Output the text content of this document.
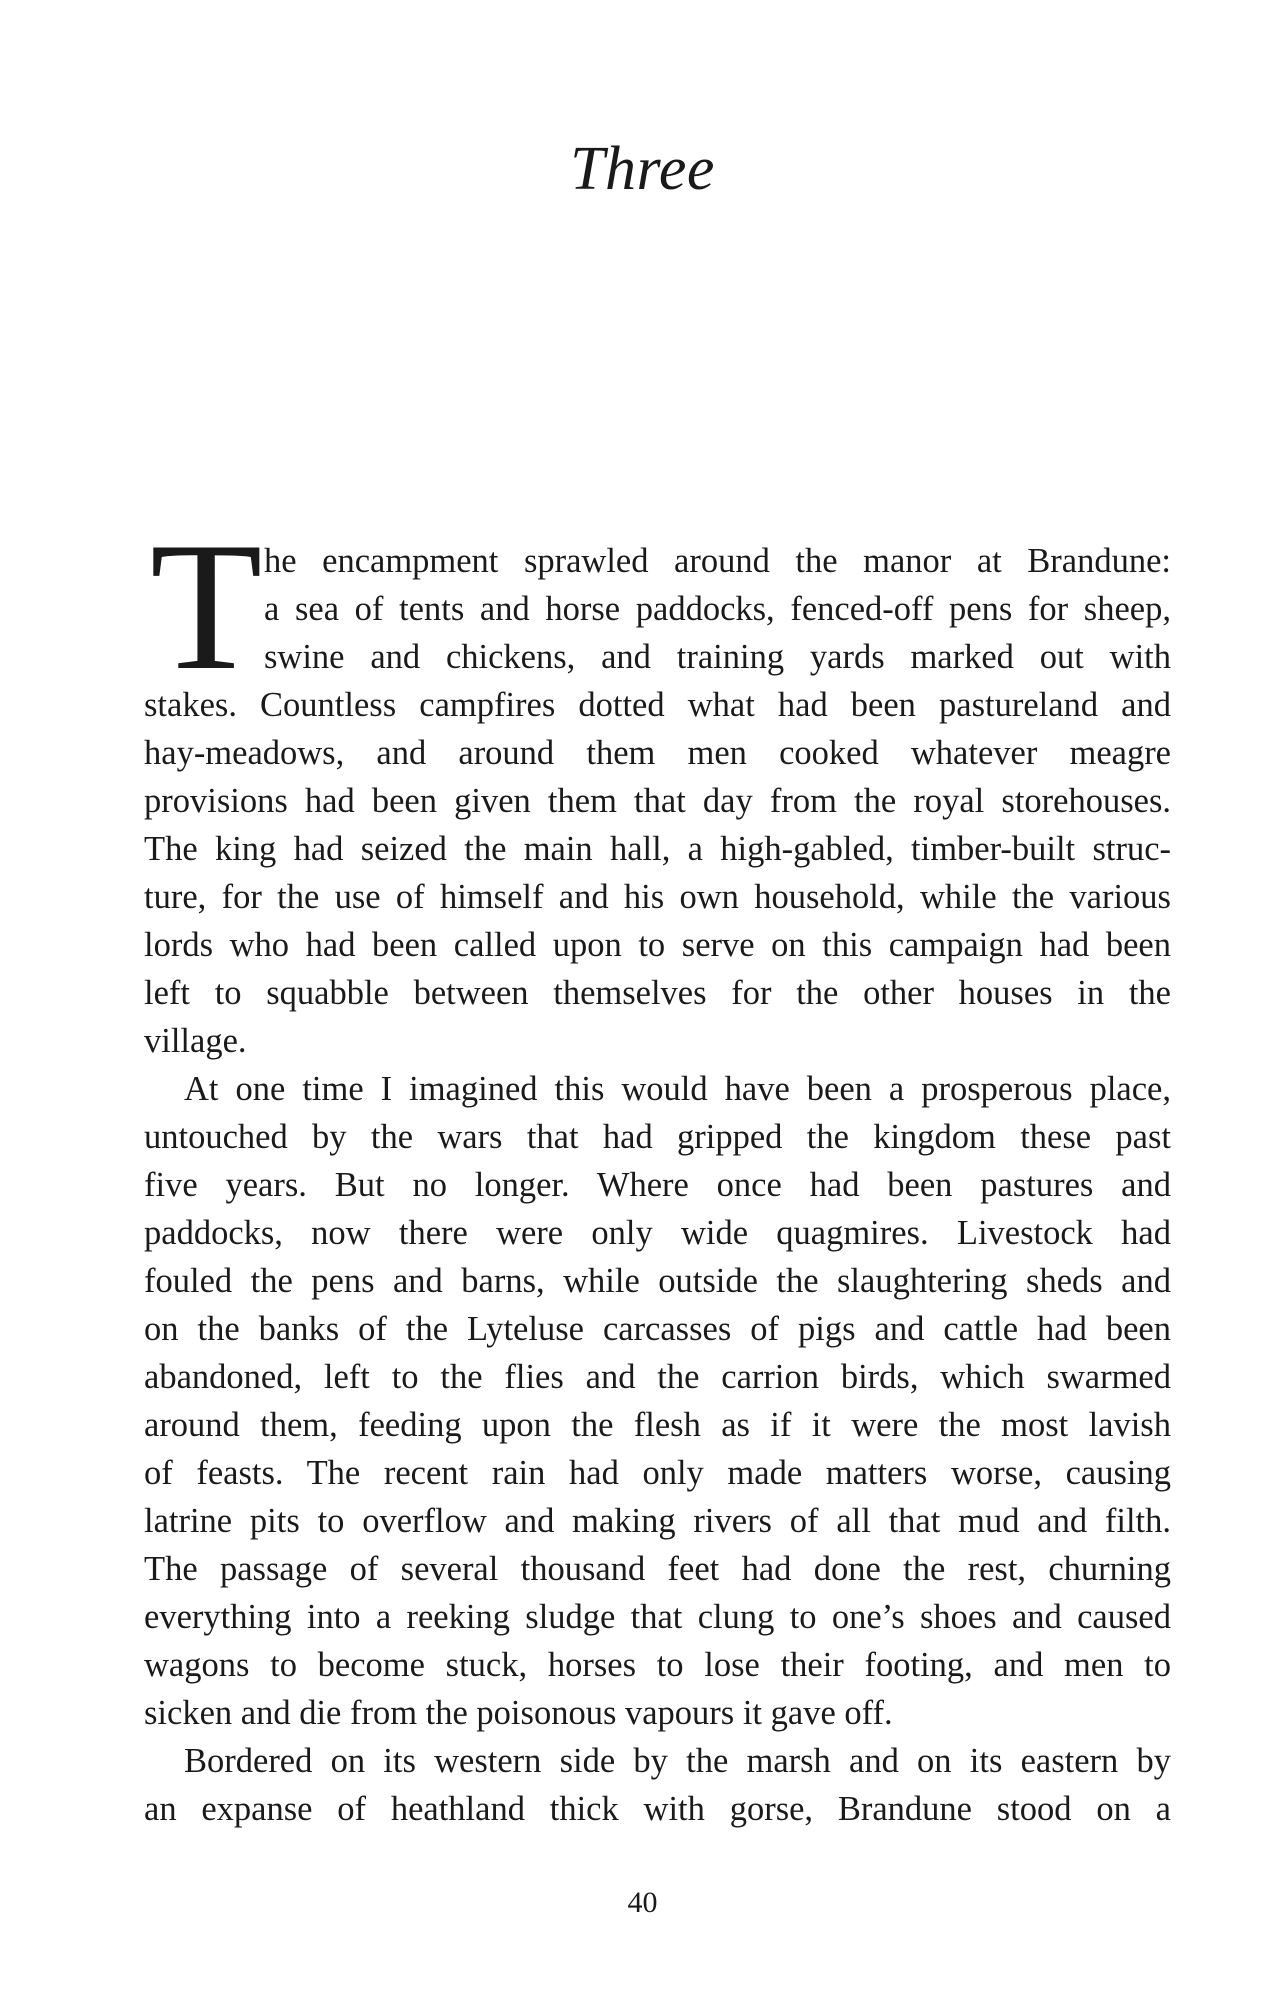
Three
T he encampment sprawled around the manor at Brandune:
a sea of tents and horse paddocks, fenced-off pens for sheep,
swine and chickens, and training yards marked out with
stakes. Countless campfires dotted what had been pastureland and
hay-meadows, and around them men cooked whatever meagre
provisions had been given them that day from the royal storehouses.
The king had seized the main hall, a high-gabled, timber-built struc-
ture, for the use of himself and his own household, while the various
lords who had been called upon to serve on this campaign had been
left to squabble between themselves for the other houses in the
village.
At one time I imagined this would have been a prosperous place,
untouched by the wars that had gripped the kingdom these past
five years. But no longer. Where once had been pastures and
paddocks, now there were only wide quagmires. Livestock had
fouled the pens and barns, while outside the slaughtering sheds and
on the banks of the Lyteluse carcasses of pigs and cattle had been
abandoned, left to the flies and the carrion birds, which swarmed
around them, feeding upon the flesh as if it were the most lavish
of feasts. The recent rain had only made matters worse, causing
latrine pits to overflow and making rivers of all that mud and filth.
The passage of several thousand feet had done the rest, churning
everything into a reeking sludge that clung to one’s shoes and caused
wagons to become stuck, horses to lose their footing, and men to
sicken and die from the poisonous vapours it gave off.
Bordered on its western side by the marsh and on its eastern by
an expanse of heathland thick with gorse, Brandune stood on a
40
